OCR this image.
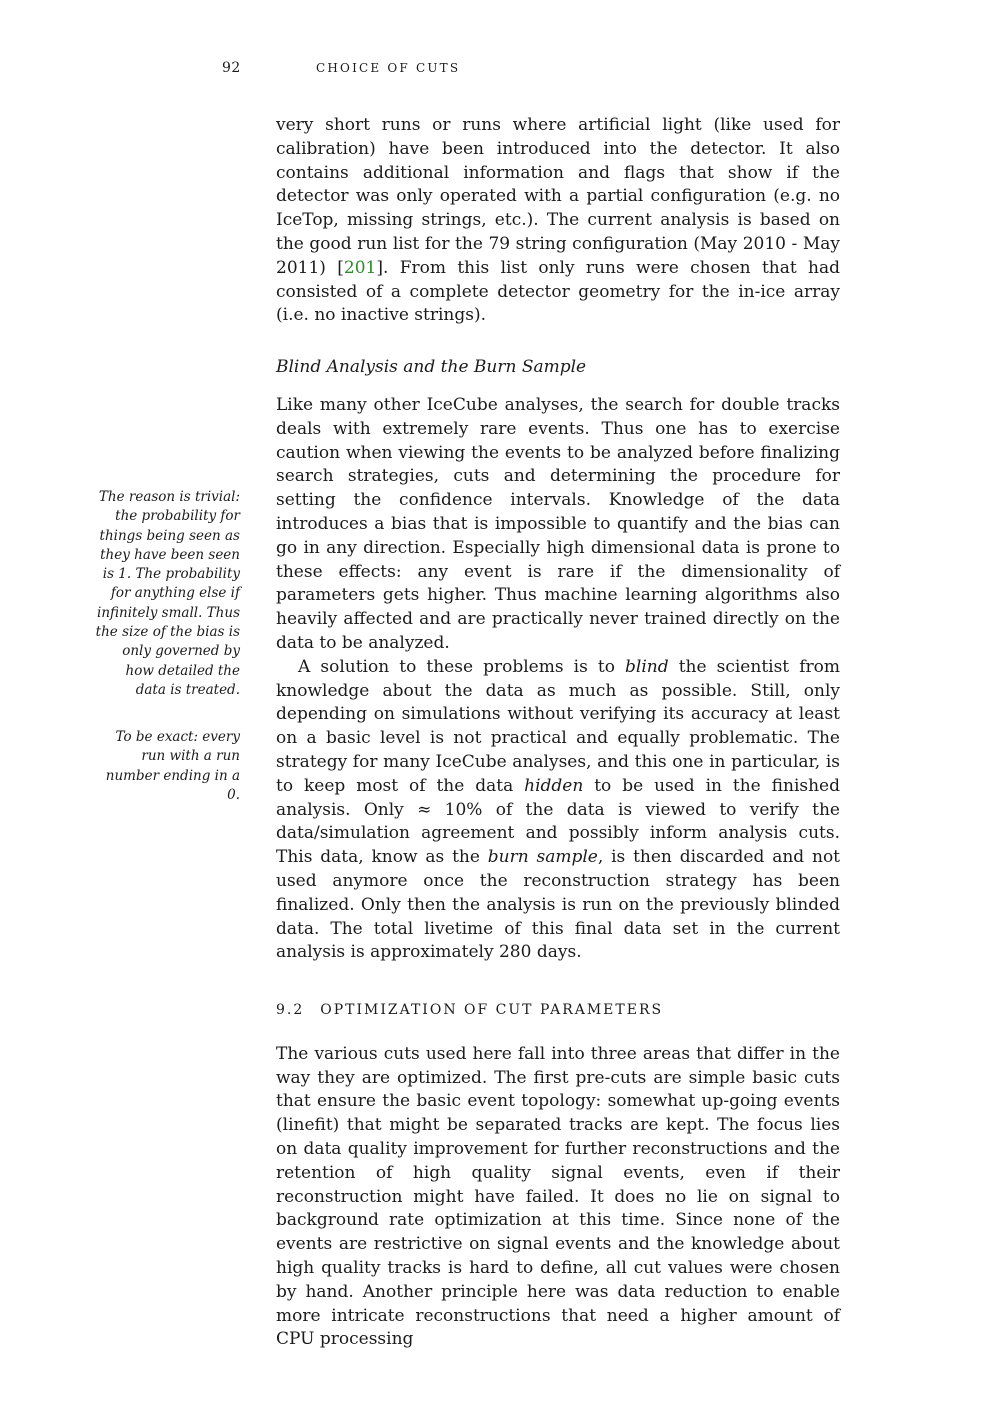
92	CHOICE OF CUTS

very short runs or runs where artificial light (like used for calibration) have been introduced into the detector. It also contains additional information and flags that show if the detector was only operated with a partial configuration (e.g. no IceTop, missing strings, etc.). The current analysis is based on the good run list for the 79 string configuration (May 2010 - May 2011) [201]. From this list only runs were chosen that had consisted of a complete detector geometry for the in-ice array (i.e. no inactive strings).

Blind Analysis and the Burn Sample

Like many other IceCube analyses, the search for double tracks deals with extremely rare events. Thus one has to exercise caution when viewing the events to be analyzed before finalizing search strategies, cuts and determining the procedure for setting the confidence intervals. Knowledge of the data introduces a bias that is impossible to quantify and the bias can go in any direction. Especially high dimensional data is prone to these effects: any event is rare if the dimensionality of parameters gets higher. Thus machine learning algorithms also heavily affected and are practically never trained directly on the data to be analyzed.

A solution to these problems is to blind the scientist from knowledge about the data as much as possible. Still, only depending on simulations without verifying its accuracy at least on a basic level is not practical and equally problematic. The strategy for many IceCube analyses, and this one in particular, is to keep most of the data hidden to be used in the finished analysis. Only ≈ 10% of the data is viewed to verify the data/simulation agreement and possibly inform analysis cuts. This data, know as the burn sample, is then discarded and not used anymore once the reconstruction strategy has been finalized. Only then the analysis is run on the previously blinded data. The total livetime of this final data set in the current analysis is approximately 280 days.

9.2 OPTIMIZATION OF CUT PARAMETERS

The various cuts used here fall into three areas that differ in the way they are optimized. The first pre-cuts are simple basic cuts that ensure the basic event topology: somewhat up-going events (linefit) that might be separated tracks are kept. The focus lies on data quality improvement for further reconstructions and the retention of high quality signal events, even if their reconstruction might have failed. It does no lie on signal to background rate optimization at this time. Since none of the events are restrictive on signal events and the knowledge about high quality tracks is hard to define, all cut values were chosen by hand. Another principle here was data reduction to enable more intricate reconstructions that need a higher amount of CPU processing

The reason is trivial: the probability for things being seen as they have been seen is 1. The probability for anything else if infinitely small. Thus the size of the bias is only governed by how detailed the data is treated.
To be exact: every run with a run number ending in a 0.
